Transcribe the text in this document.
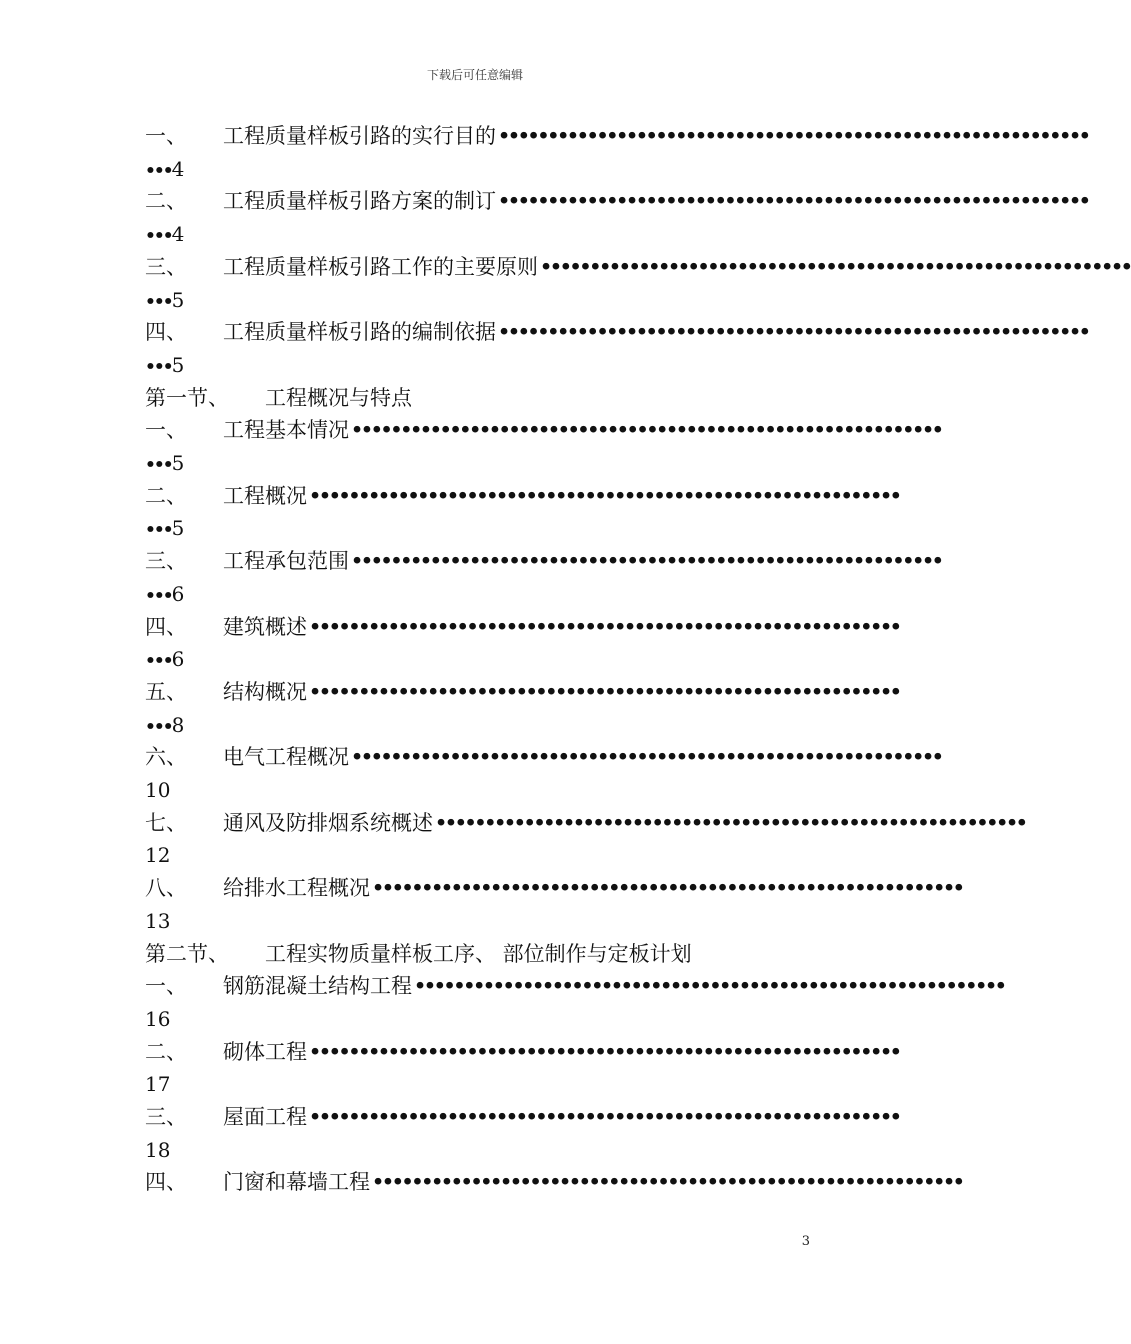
下载后可任意编辑
一、 工程质量样板引路的实行目的 ••••••••••••••••••••••••••••••••••••••••••••••••••••••••••••
•••4
二、 工程质量样板引路方案的制订 ••••••••••••••••••••••••••••••••••••••••••••••••••••••••••••
•••4
三、 工程质量样板引路工作的主要原则 ••••••••••••••••••••••••••••••••••••••••••••••••••••••••••••
•••5
四、 工程质量样板引路的编制依据 ••••••••••••••••••••••••••••••••••••••••••••••••••••••••••••
•••5
第一节、 工程概况与特点
一、 工程基本情况 ••••••••••••••••••••••••••••••••••••••••••••••••••••••••••••
•••5
二、 工程概况 ••••••••••••••••••••••••••••••••••••••••••••••••••••••••••••
•••5
三、 工程承包范围 ••••••••••••••••••••••••••••••••••••••••••••••••••••••••••••
•••6
四、 建筑概述 ••••••••••••••••••••••••••••••••••••••••••••••••••••••••••••
•••6
五、 结构概况 ••••••••••••••••••••••••••••••••••••••••••••••••••••••••••••
•••8
六、 电气工程概况 ••••••••••••••••••••••••••••••••••••••••••••••••••••••••••••
10
七、 通风及防排烟系统概述 ••••••••••••••••••••••••••••••••••••••••••••••••••••••••••••
12
八、 给排水工程概况 ••••••••••••••••••••••••••••••••••••••••••••••••••••••••••••
13
第二节、 工程实物质量样板工序、 部位制作与定板计划
一、 钢筋混凝土结构工程 ••••••••••••••••••••••••••••••••••••••••••••••••••••••••••••
16
二、 砌体工程 ••••••••••••••••••••••••••••••••••••••••••••••••••••••••••••
17
三、 屋面工程 ••••••••••••••••••••••••••••••••••••••••••••••••••••••••••••
18
四、 门窗和幕墙工程 ••••••••••••••••••••••••••••••••••••••••••••••••••••••••••••
3
